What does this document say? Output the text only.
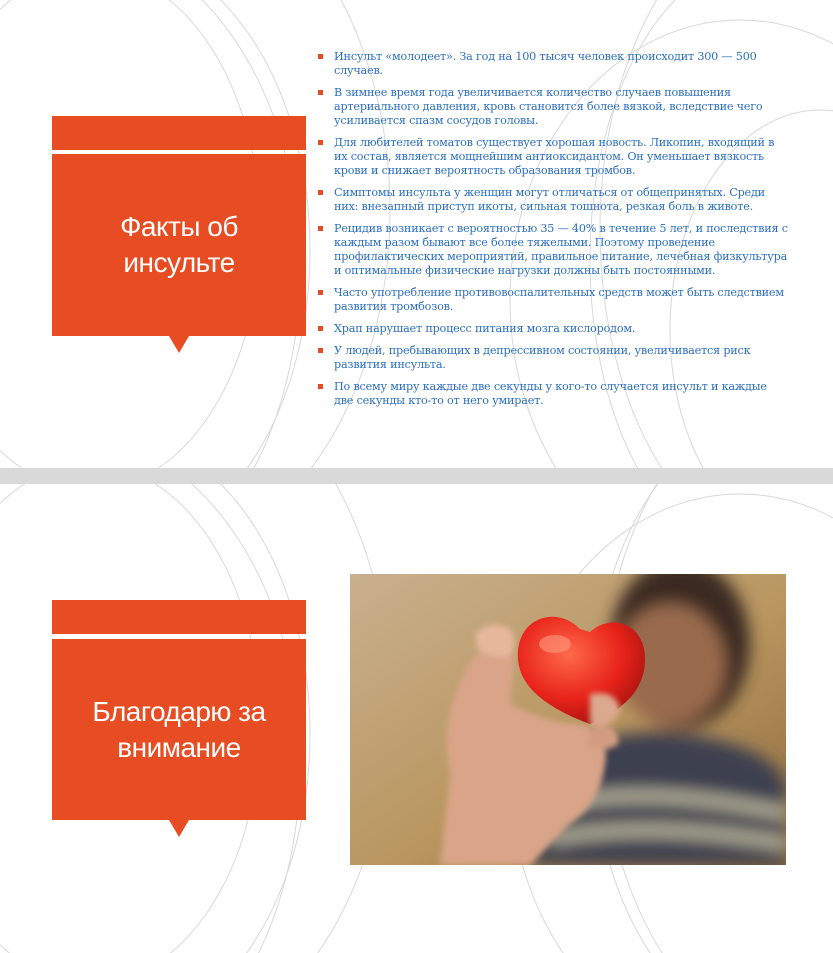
Факты об инсульте
Инсульт «молодеет». За год на 100 тысяч человек происходит 300 — 500 случаев.
В зимнее время года увеличивается количество случаев повышения артериального давления, кровь становится более вязкой, вследствие чего усиливается спазм сосудов головы.
Для любителей томатов существует хорошая новость. Ликопин, входящий в их состав, является мощнейшим антиоксидантом. Он уменьшает вязкость крови и снижает вероятность образования тромбов.
Симптомы инсульта у женщин могут отличаться от общепринятых. Среди них: внезапный приступ икоты, сильная тошнота, резкая боль в животе.
Рецидив возникает с вероятностью 35 — 40% в течение 5 лет, и последствия с каждым разом бывают все более тяжелыми. Поэтому проведение профилактических мероприятий, правильное питание, лечебная физкультура и оптимальные физические нагрузки должны быть постоянными.
Часто употребление противовоспалительных средств может быть следствием развития тромбозов.
Храп нарушает процесс питания мозга кислородом.
У людей, пребывающих в депрессивном состоянии, увеличивается риск развития инсульта.
По всему миру каждые две секунды у кого-то случается инсульт и каждые две секунды кто-то от него умирает.
Благодарю за внимание
